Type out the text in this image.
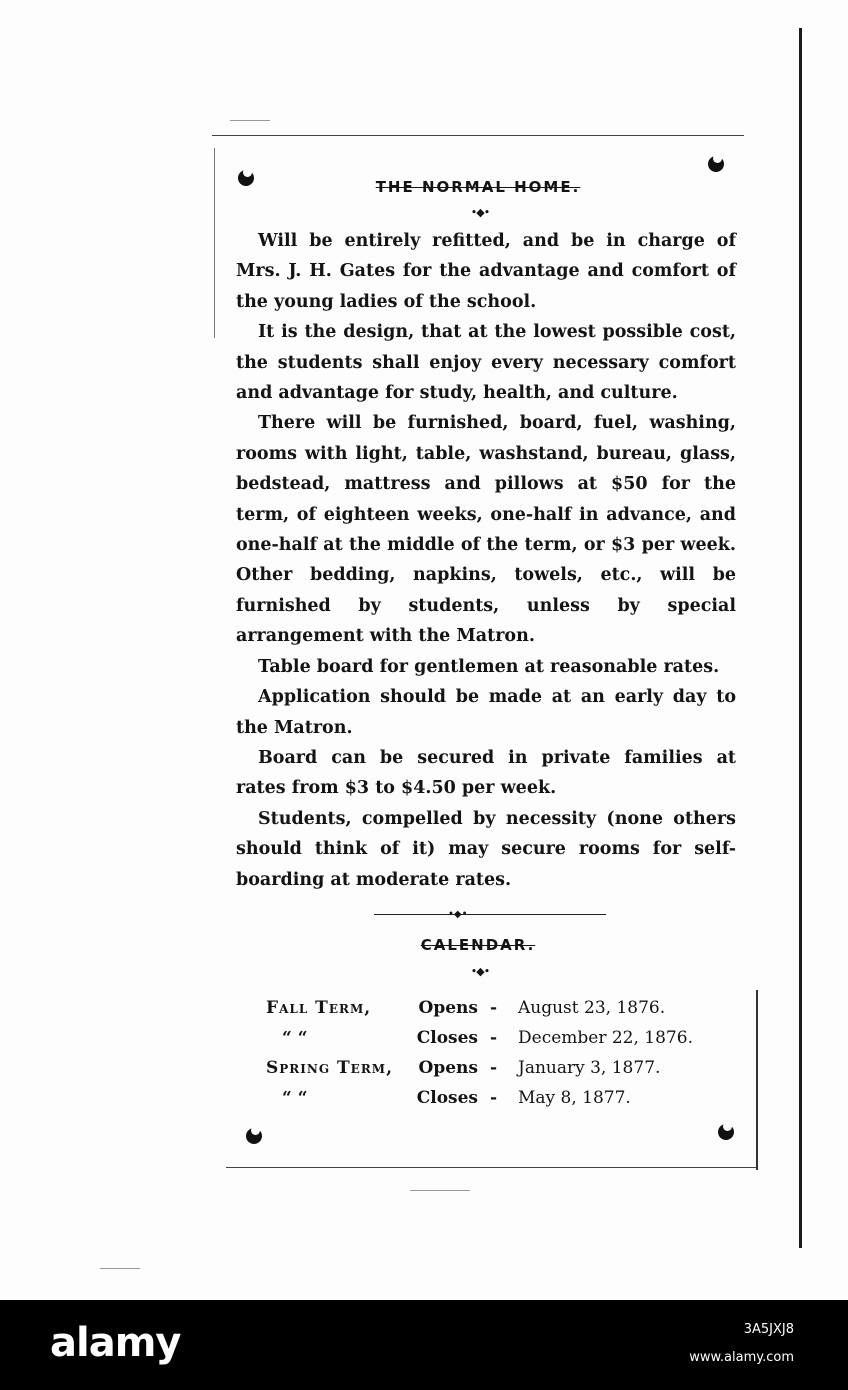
THE NORMAL HOME.
•◆•

Will be entirely refitted, and be in charge of Mrs. J. H. Gates for the advantage and comfort of the young ladies of the school.

It is the design, that at the lowest possible cost, the students shall enjoy every necessary comfort and advantage for study, health, and culture.

There will be furnished, board, fuel, washing, rooms with light, table, washstand, bureau, glass, bedstead, mattress and pillows at $50 for the term, of eighteen weeks, one-half in advance, and one-half at the middle of the term, or $3 per week. Other bedding, napkins, towels, etc., will be furnished by students, unless by special arrangement with the Matron.

Table board for gentlemen at reasonable rates.

Application should be made at an early day to the Matron.

Board can be secured in private families at rates from $3 to $4.50 per week.

Students, compelled by necessity (none others should think of it) may secure rooms for self-boarding at moderate rates.

•◆•
CALENDAR.
•◆•
Fall Term,	Opens - August 23, 1876.
“ “	Closes - December 22, 1876.
Spring Term, Opens - January 3, 1877.
“ “	Closes - May 8, 1877.
alamy	3A5JXJ8
www.alamy.com
